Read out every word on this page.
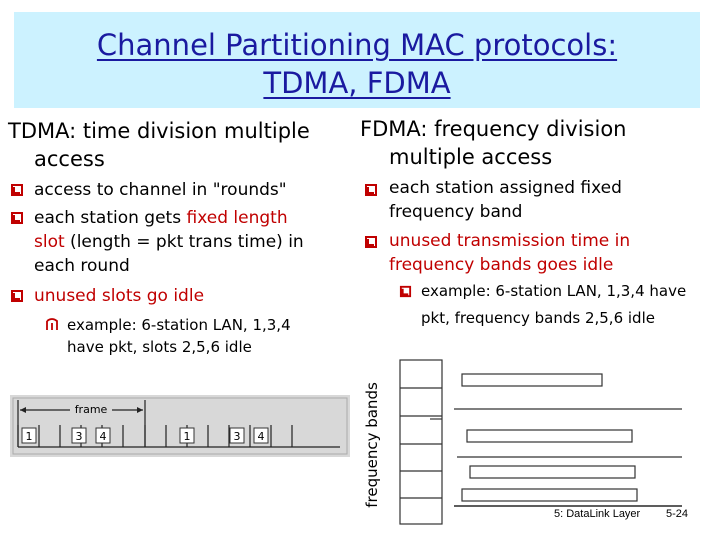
Channel Partitioning MAC protocols:
TDMA, FDMA
TDMA: time division multiple
access
access to channel in "rounds"
each station gets fixed length
slot (length = pkt trans time) in
each round
unused slots go idle
example: 6-station LAN, 1,3,4
have pkt, slots 2,5,6 idle
frame
1	3 4	1	3 4
FDMA: frequency division
multiple access
each station assigned fixed
frequency band
unused transmission time in
frequency bands goes idle
example: 6-station LAN, 1,3,4 have
pkt, frequency bands 2,5,6 idle
frequency bands
5: DataLink Layer 5-24
